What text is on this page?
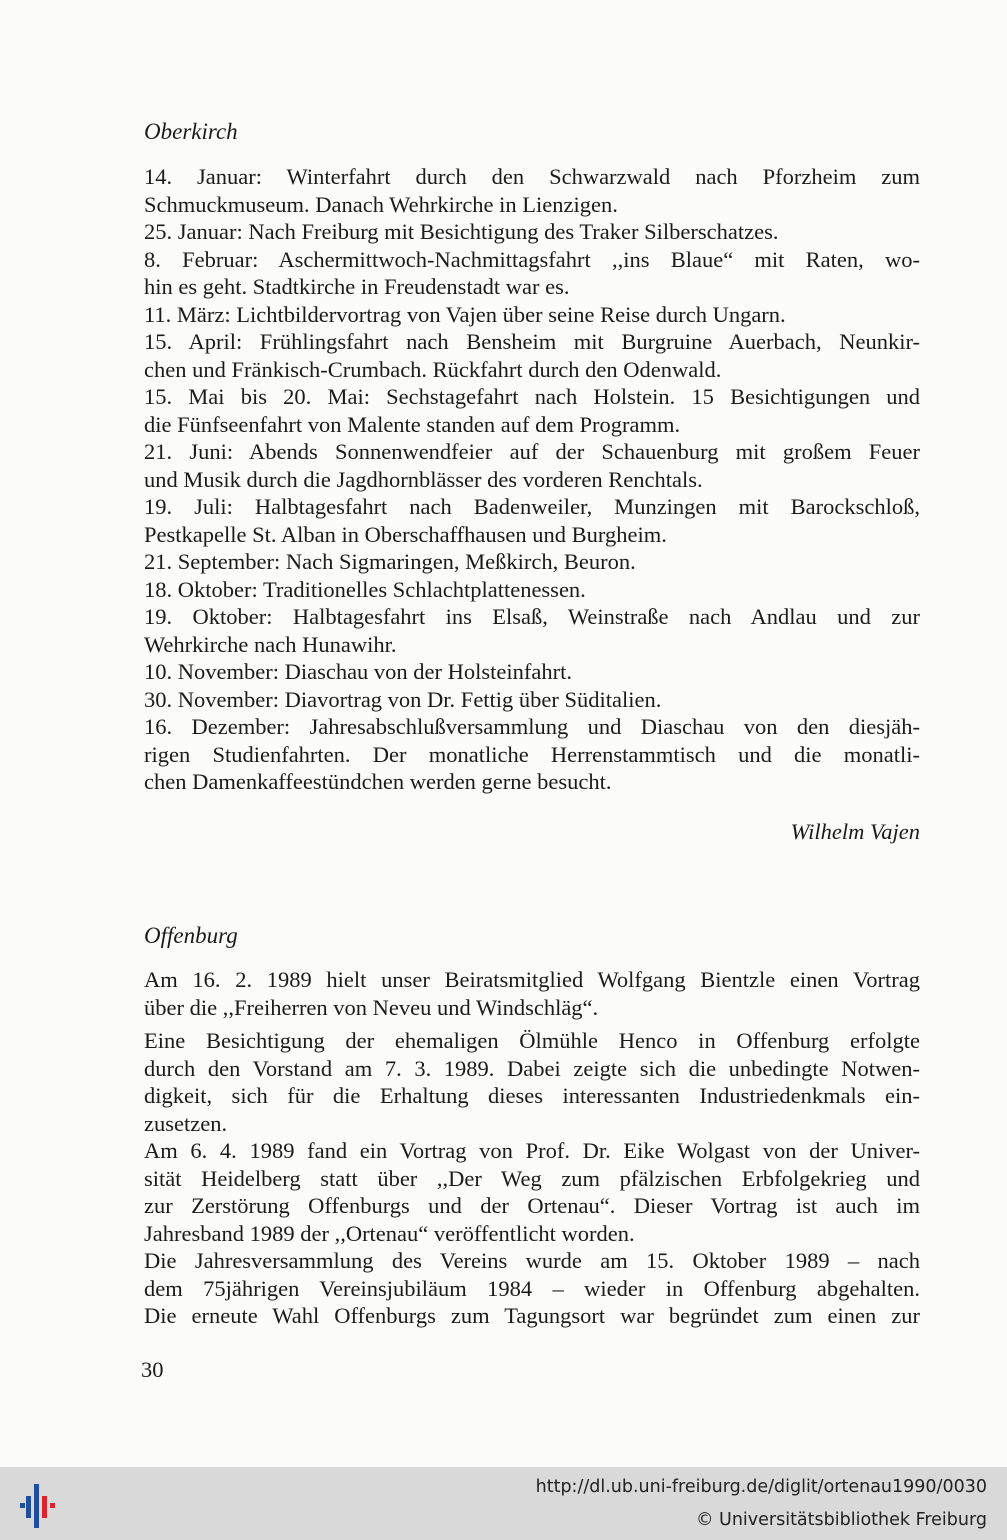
Oberkirch
14. Januar: Winterfahrt durch den Schwarzwald nach Pforzheim zum
Schmuckmuseum. Danach Wehrkirche in Lienzigen.
25. Januar: Nach Freiburg mit Besichtigung des Traker Silberschatzes.
8. Februar: Aschermittwoch-Nachmittagsfahrt ,,ins Blaue“ mit Raten, wo-
hin es geht. Stadtkirche in Freudenstadt war es.
11. März: Lichtbildervortrag von Vajen über seine Reise durch Ungarn.
15. April: Frühlingsfahrt nach Bensheim mit Burgruine Auerbach, Neunkir-
chen und Fränkisch-Crumbach. Rückfahrt durch den Odenwald.
15. Mai bis 20. Mai: Sechstagefahrt nach Holstein. 15 Besichtigungen und
die Fünfseenfahrt von Malente standen auf dem Programm.
21. Juni: Abends Sonnenwendfeier auf der Schauenburg mit großem Feuer
und Musik durch die Jagdhornblässer des vorderen Renchtals.
19. Juli: Halbtagesfahrt nach Badenweiler, Munzingen mit Barockschloß,
Pestkapelle St. Alban in Oberschaffhausen und Burgheim.
21. September: Nach Sigmaringen, Meßkirch, Beuron.
18. Oktober: Traditionelles Schlachtplattenessen.
19. Oktober: Halbtagesfahrt ins Elsaß, Weinstraße nach Andlau und zur
Wehrkirche nach Hunawihr.
10. November: Diaschau von der Holsteinfahrt.
30. November: Diavortrag von Dr. Fettig über Süditalien.
16. Dezember: Jahresabschlußversammlung und Diaschau von den diesjäh-
rigen Studienfahrten. Der monatliche Herrenstammtisch und die monatli-
chen Damenkaffeestündchen werden gerne besucht.
Wilhelm Vajen
Offenburg
Am 16. 2. 1989 hielt unser Beiratsmitglied Wolfgang Bientzle einen Vortrag
über die ,,Freiherren von Neveu und Windschläg“.
Eine Besichtigung der ehemaligen Ölmühle Henco in Offenburg erfolgte
durch den Vorstand am 7. 3. 1989. Dabei zeigte sich die unbedingte Notwen-
digkeit, sich für die Erhaltung dieses interessanten Industriedenkmals ein-
zusetzen.
Am 6. 4. 1989 fand ein Vortrag von Prof. Dr. Eike Wolgast von der Univer-
sität Heidelberg statt über ,,Der Weg zum pfälzischen Erbfolgekrieg und
zur Zerstörung Offenburgs und der Ortenau“. Dieser Vortrag ist auch im
Jahresband 1989 der ,,Ortenau“ veröffentlicht worden.
Die Jahresversammlung des Vereins wurde am 15. Oktober 1989 – nach
dem 75jährigen Vereinsjubiläum 1984 – wieder in Offenburg abgehalten.
Die erneute Wahl Offenburgs zum Tagungsort war begründet zum einen zur
30
http://dl.ub.uni-freiburg.de/diglit/ortenau1990/0030
© Universitätsbibliothek Freiburg
